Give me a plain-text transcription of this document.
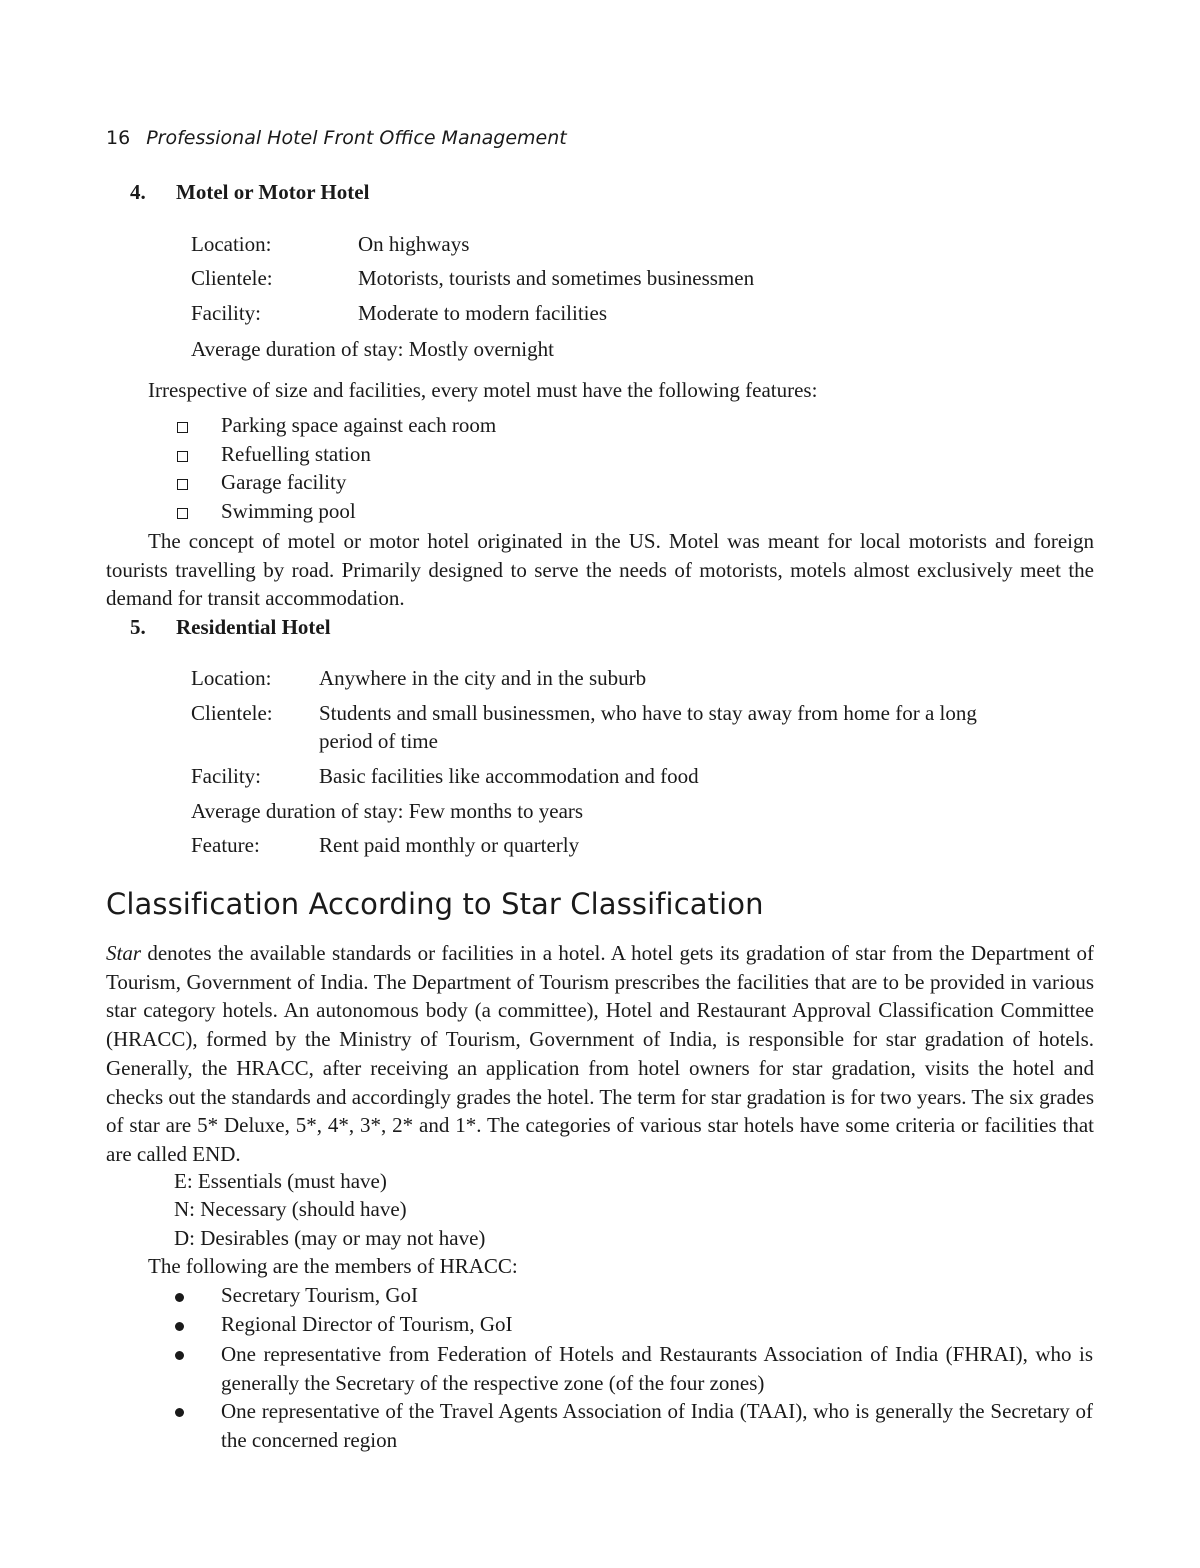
16 Professional Hotel Front Office Management
4. Motel or Motor Hotel
Location:	On highways
Clientele:	Motorists, tourists and sometimes businessmen
Facility:	Moderate to modern facilities
Average duration of stay: Mostly overnight
Irrespective of size and facilities, every motel must have the following features:
Parking space against each room
Refuelling station
Garage facility
Swimming pool
The concept of motel or motor hotel originated in the US. Motel was meant for local motorists and foreign tourists travelling by road. Primarily designed to serve the needs of motorists, motels almost exclusively meet the demand for transit accommodation.
5. Residential Hotel
Location: Anywhere in the city and in the suburb
Clientele: Students and small businessmen, who have to stay away from home for a long
period of time
Facility:	Basic facilities like accommodation and food
Average duration of stay: Few months to years
Feature:	Rent paid monthly or quarterly
Classification According to Star Classification
Star denotes the available standards or facilities in a hotel. A hotel gets its gradation of star from the Department of Tourism, Government of India. The Department of Tourism prescribes the facilities that are to be provided in various star category hotels. An autonomous body (a committee), Hotel and Restaurant Approval Classification Committee (HRACC), formed by the Ministry of Tourism, Government of India, is responsible for star gradation of hotels. Generally, the HRACC, after receiving an application from hotel owners for star gradation, visits the hotel and checks out the standards and accordingly grades the hotel. The term for star gradation is for two years. The six grades of star are 5* Deluxe, 5*, 4*, 3*, 2* and 1*. The categories of various star hotels have some criteria or facilities that are called END.
E: Essentials (must have)
N: Necessary (should have)
D: Desirables (may or may not have)
The following are the members of HRACC:
Secretary Tourism, GoI
Regional Director of Tourism, GoI
One representative from Federation of Hotels and Restaurants Association of India (FHRAI), who is generally the Secretary of the respective zone (of the four zones)
One representative of the Travel Agents Association of India (TAAI), who is generally the Secretary of the concerned region
